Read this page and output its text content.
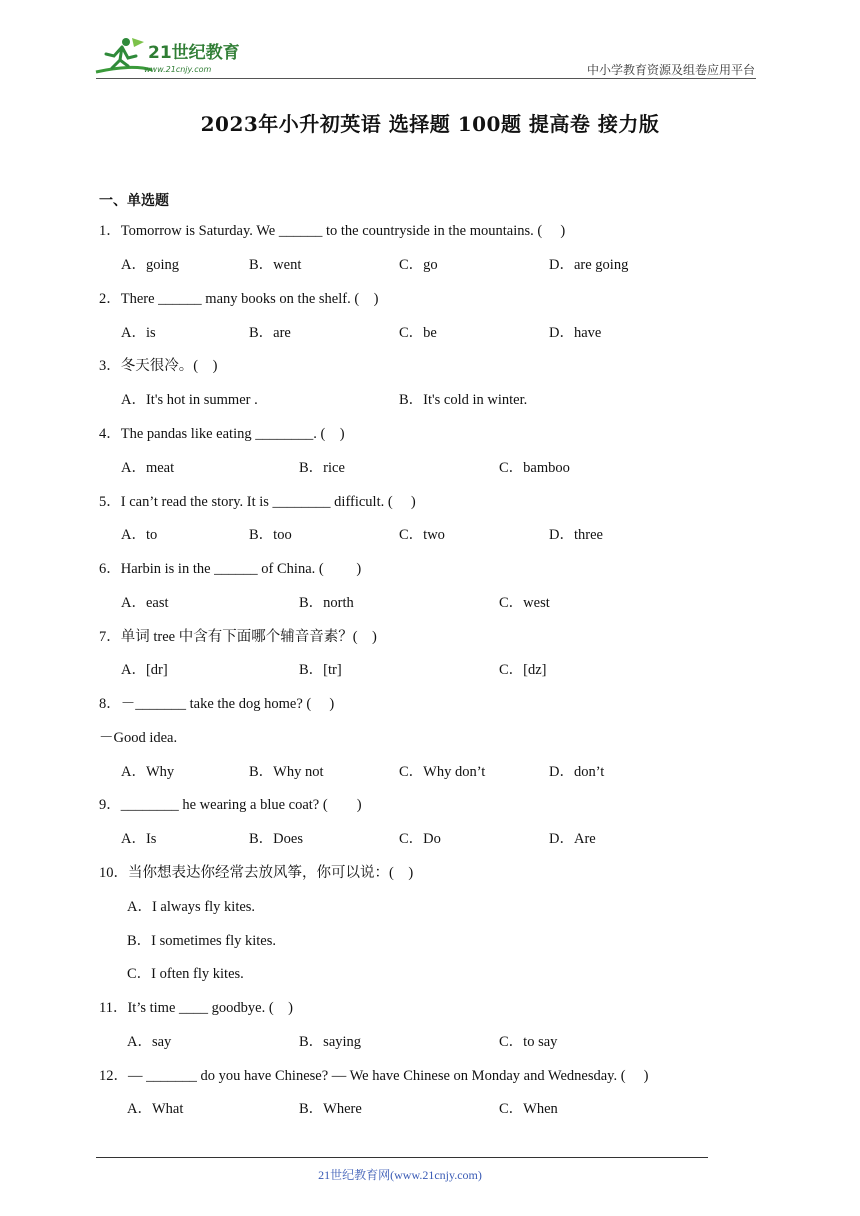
21世纪教育
www.21cnjy.com	中小学教育资源及组卷应用平台
2023年小升初英语 选择题 100题 提高卷 接力版
一、单选题
1．Tomorrow is Saturday. We ______ to the countryside in the mountains. (　 )
A．going	B．went	C．go	D．are going
2．There ______ many books on the shelf. (　)
A．is	B．are	C．be	D．have
3．冬天很冷。(　)
A．It's hot in summer .	B．It's cold in winter.
4．The pandas like eating ________. (　)
A．meat	B．rice	C．bamboo
5．I can’t read the story. It is ________ difficult. (　 )
A．to	B．too	C．two	D．three
6．Harbin is in the ______ of China. (　　 )
A．east	B．north	C．west
7．单词 tree 中含有下面哪个辅音音素？(　)
A．[dr]	B．[tr]	C．[dz]
8．－_______ take the dog home? (　 )
－Good idea.
A．Why	B．Why not	C．Why don’t	D．don’t
9．________ he wearing a blue coat? (　　)
A．Is	B．Does	C．Do	D．Are
10．当你想表达你经常去放风筝，你可以说：(　)
A．I always fly kites.
B．I sometimes fly kites.
C．I often fly kites.
11．It’s time ____ goodbye. (　)
A．say	B．saying	C．to say
12．— _______ do you have Chinese? — We have Chinese on Monday and Wednesday. (　 )
A．What	B．Where	C．When
21世纪教育网(www.21cnjy.com)
